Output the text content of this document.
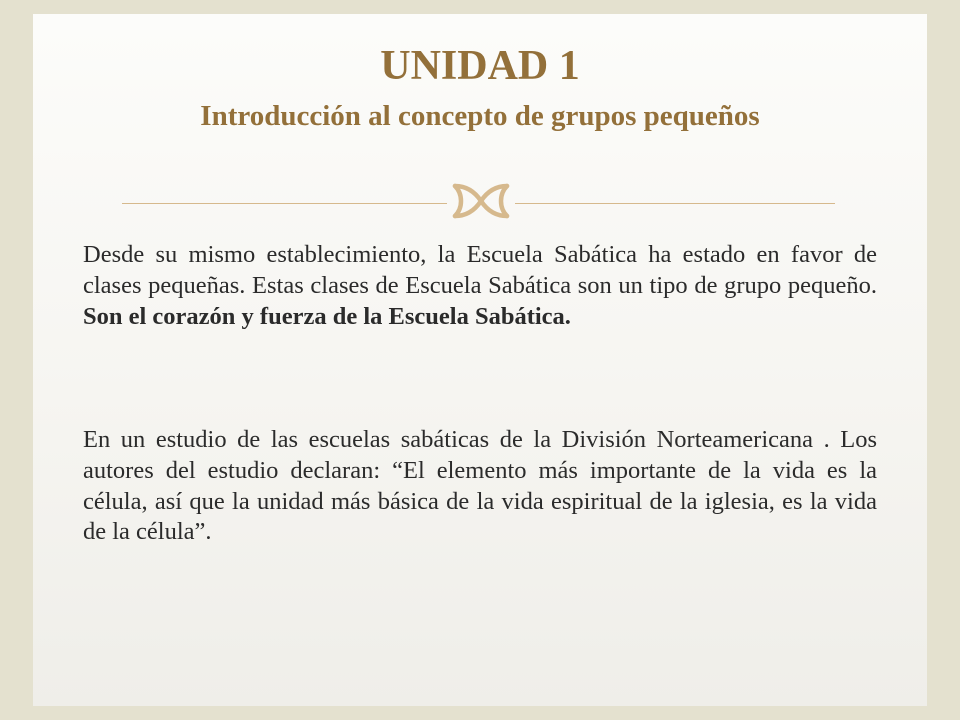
UNIDAD 1
Introducción al concepto de grupos pequeños

Desde su mismo establecimiento, la Escuela Sabática ha estado en favor de clases pequeñas. Estas clases de Escuela Sabática son un tipo de grupo pequeño. Son el corazón y fuerza de la Escuela Sabática.

En un estudio de las escuelas sabáticas de la División Norteamericana . Los autores del estudio declaran: “El elemento más importante de la vida es la célula, así que la unidad más básica de la vida espiritual de la iglesia, es la vida de la célula”.
